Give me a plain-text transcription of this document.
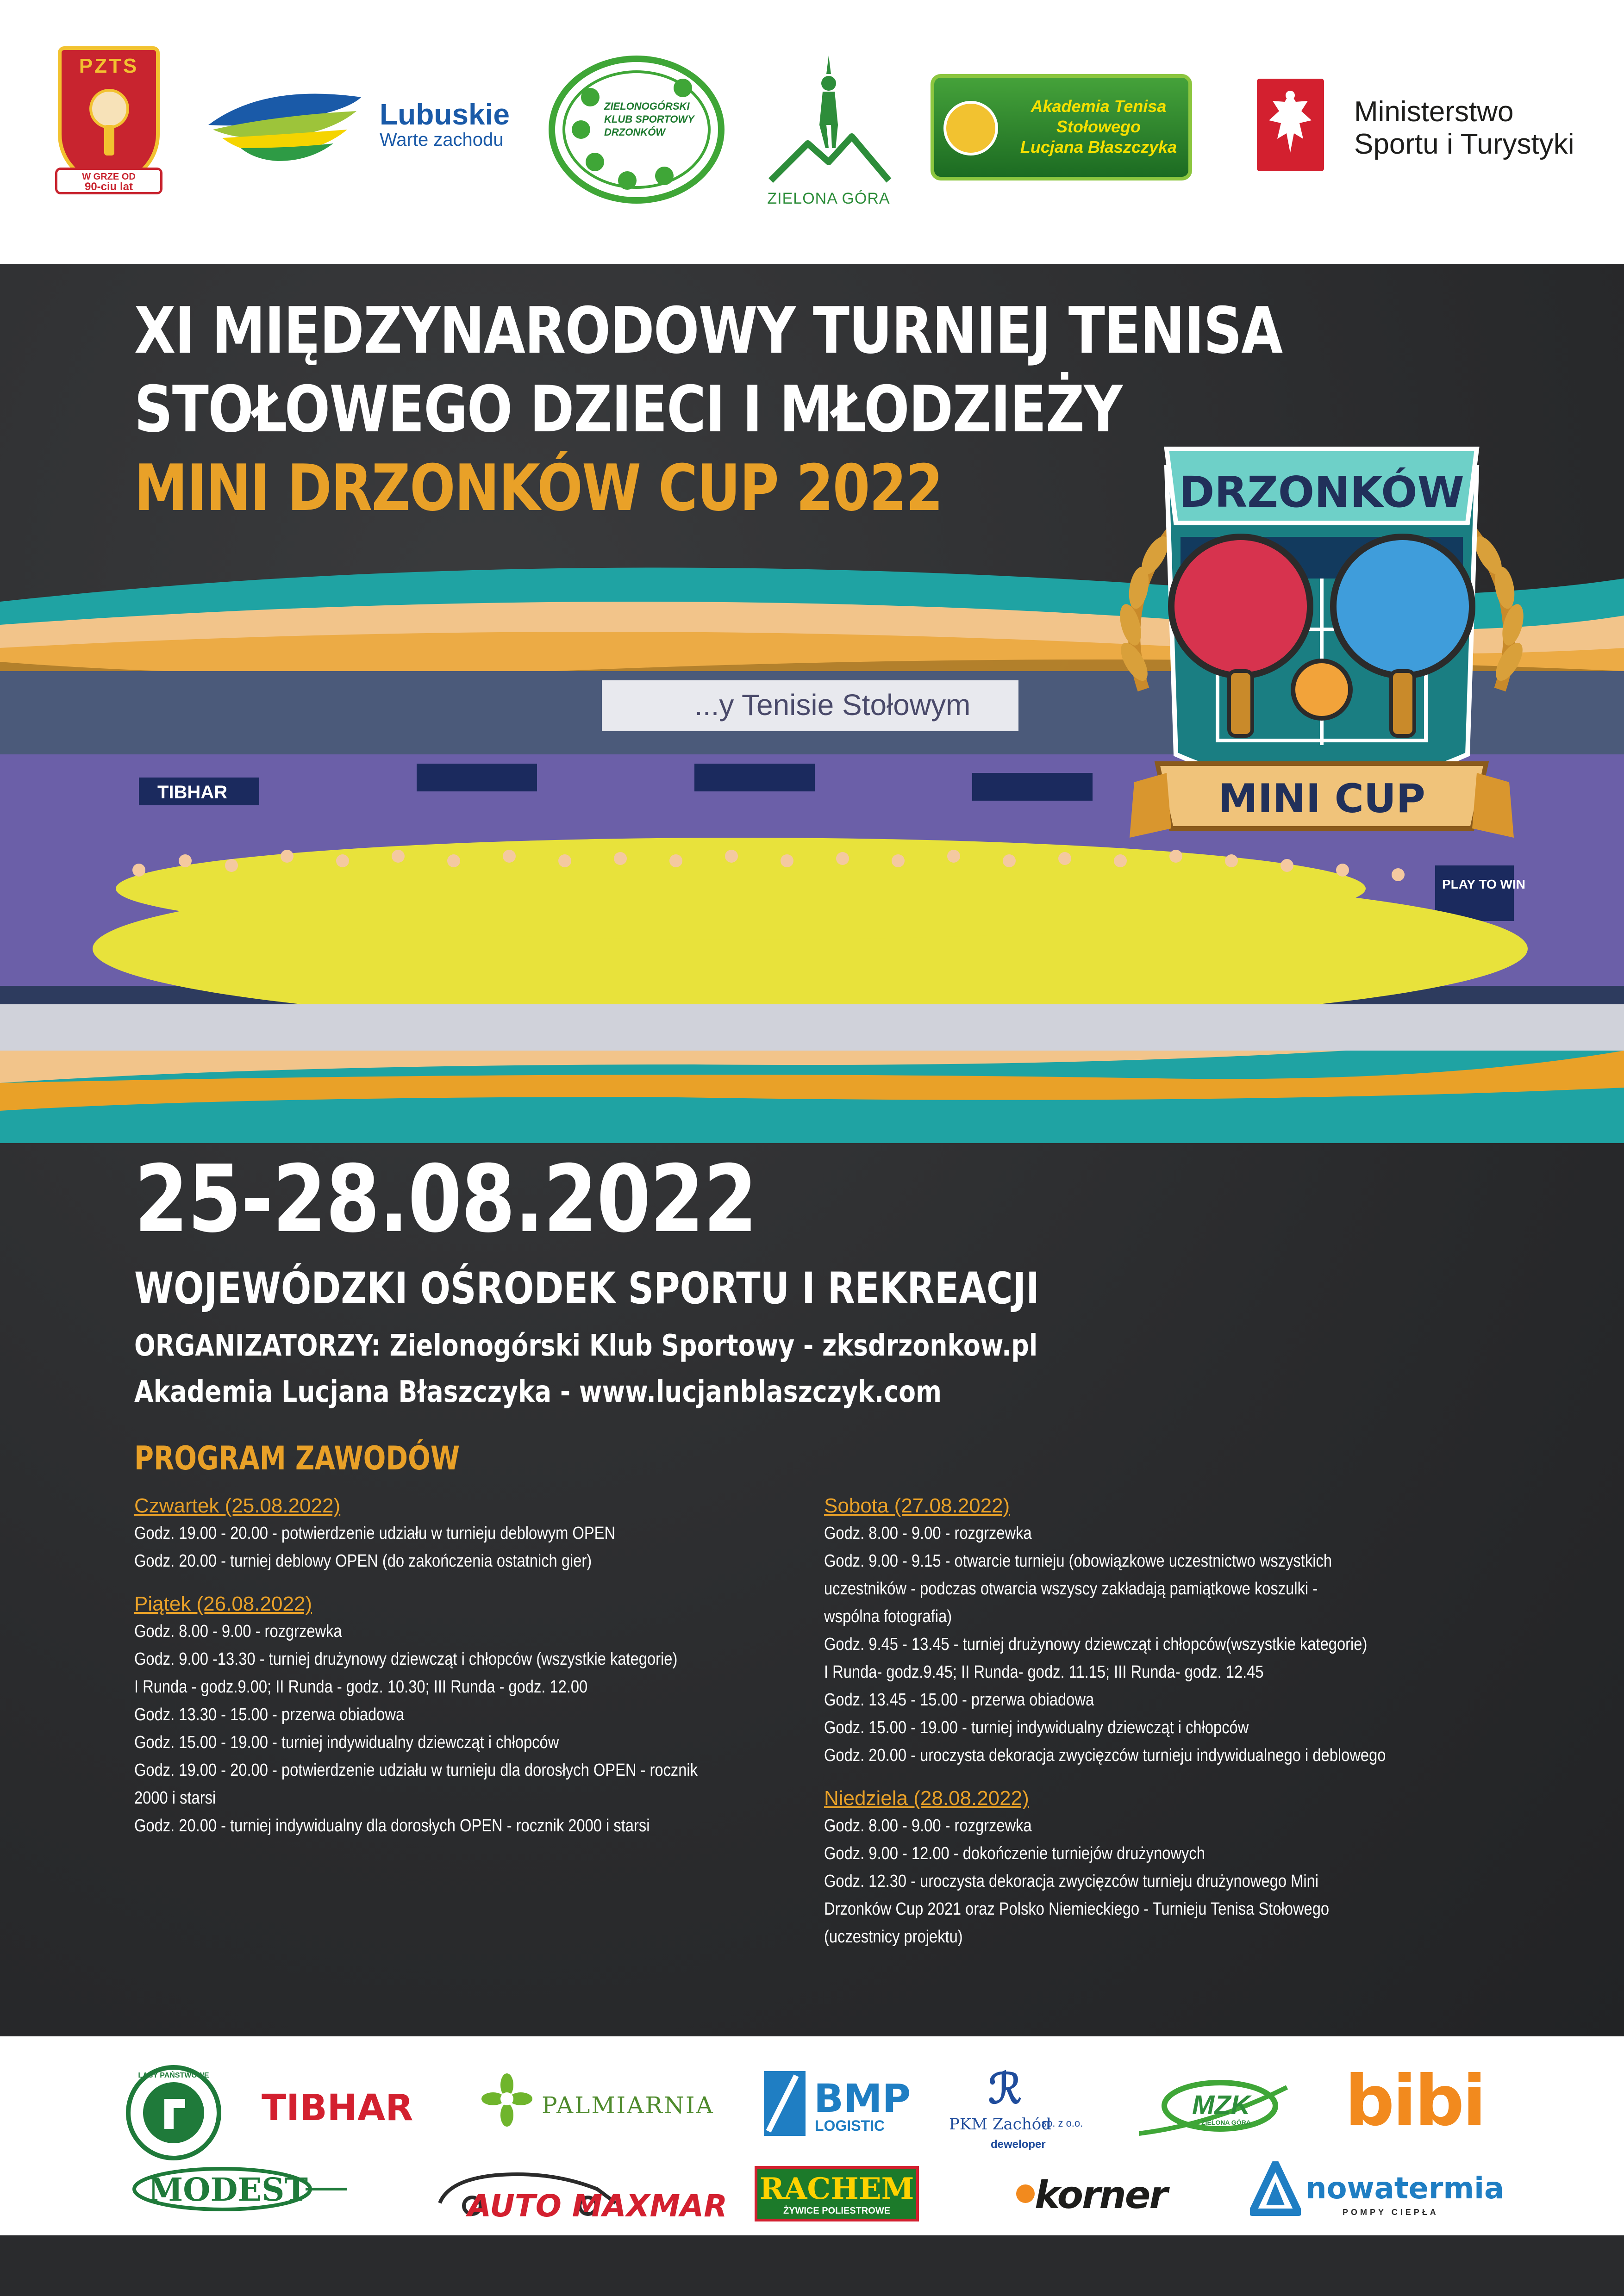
PZTS
W GRZE OD
90-ciu lat
Lubuskie
Warte zachodu
ZIELONOGÓRSKI KLUB SPORTOWY DRZONKÓW
ZIELONA GÓRA
Akademia Tenisa
Stołowego
Lucjana Błaszczyka
Ministerstwo
Sportu i Turystyki
XI MIĘDZYNARODOWY TURNIEJ TENISA
STOŁOWEGO DZIECI I MŁODZIEŻY
MINI DRZONKÓW CUP 2022
...y Tenisie Stołowym
TIBHAR
PLAY TO WIN
DRZONKÓW
MINI CUP
25-28.08.2022
WOJEWÓDZKI OŚRODEK SPORTU I REKREACJI
ORGANIZATORZY: Zielonogórski Klub Sportowy - zksdrzonkow.pl
Akademia Lucjana Błaszczyka - www.lucjanblaszczyk.com
PROGRAM ZAWODÓW
Czwartek (25.08.2022)
Godz. 19.00 - 20.00 - potwierdzenie udziału w turnieju deblowym OPEN
Godz. 20.00 - turniej deblowy OPEN (do zakończenia ostatnich gier)
Piątek (26.08.2022)
Godz. 8.00 - 9.00 - rozgrzewka
Godz. 9.00 -13.30 - turniej drużynowy dziewcząt i chłopców (wszystkie kategorie)
I Runda - godz.9.00; II Runda - godz. 10.30; III Runda - godz. 12.00
Godz. 13.30 - 15.00 - przerwa obiadowa
Godz. 15.00 - 19.00 - turniej indywidualny dziewcząt i chłopców
Godz. 19.00 - 20.00 - potwierdzenie udziału w turnieju dla dorosłych OPEN - rocznik
2000 i starsi
Godz. 20.00 - turniej indywidualny dla dorosłych OPEN - rocznik 2000 i starsi
Sobota (27.08.2022)
Godz. 8.00 - 9.00 - rozgrzewka
Godz. 9.00 - 9.15 - otwarcie turnieju (obowiązkowe uczestnictwo wszystkich
uczestników - podczas otwarcia wszyscy zakładają pamiątkowe koszulki -
wspólna fotografia)
Godz. 9.45 - 13.45 - turniej drużynowy dziewcząt i chłopców(wszystkie kategorie)
I Runda- godz.9.45; II Runda- godz. 11.15; III Runda- godz. 12.45
Godz. 13.45 - 15.00 - przerwa obiadowa
Godz. 15.00 - 19.00 - turniej indywidualny dziewcząt i chłopców
Godz. 20.00 - uroczysta dekoracja zwycięzców turnieju indywidualnego i deblowego
Niedziela (28.08.2022)
Godz. 8.00 - 9.00 - rozgrzewka
Godz. 9.00 - 12.00 - dokończenie turniejów drużynowych
Godz. 12.30 - uroczysta dekoracja zwycięzców turnieju drużynowego Mini
Drzonków Cup 2021 oraz Polsko Niemieckiego - Turnieju Tenisa Stołowego
(uczestnicy projektu)
LASY PAŃSTWOWE
TIBHAR	PALMIARNIA	BMP
LOGISTIC
ℛ
PKM Zachód
sp. z o.o.
deweloper
MZK
ZIELONA GÓRA bibi
MODEST	AUTO MAXMAR RACHEM
ŻYWICE POLIESTROWE	korner	nowatermia
POMPY CIEPŁA
